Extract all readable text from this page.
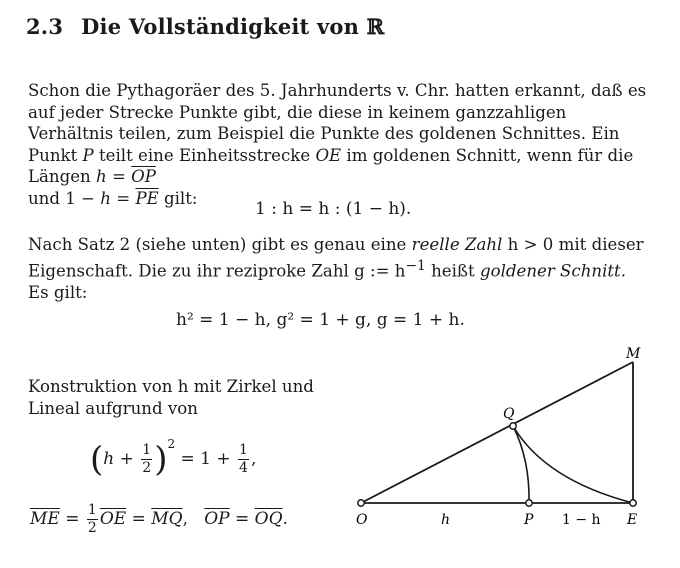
2.3 Die Vollständigkeit von ℝ
Schon die Pythagoräer des 5. Jahrhunderts v. Chr. hatten erkannt, daß es auf jeder Strecke Punkte gibt, die diese in keinem ganzzahligen Verhältnis teilen, zum Beispiel die Punkte des goldenen Schnittes. Ein Punkt P teilt eine Einheitsstrecke OE im goldenen Schnitt, wenn für die Längen $h = \overline{OP}$
und $1 - h = \overline{PE}$ gilt:
1 : h = h : (1 − h).
Nach Satz 2 (siehe unten) gibt es genau eine reelle Zahl h > 0 mit dieser Eigenschaft. Die zu ihr reziproke Zahl g := $h^{-1}$ heißt goldener Schnitt. Es gilt:
h² = 1 − h, g² = 1 + g, g = 1 + h.
Konstruktion von h mit Zirkel und Lineal aufgrund von
$(h + \frac{1}{2} )^2 = 1 + \frac{1}{4}$ ,
$\overline{ME} = \frac{1}{2} \overline{OE} = \overline{MQ}$, $\overline{OP} = \overline{OQ}$.	O	h	P 1 − h E
Q
M
